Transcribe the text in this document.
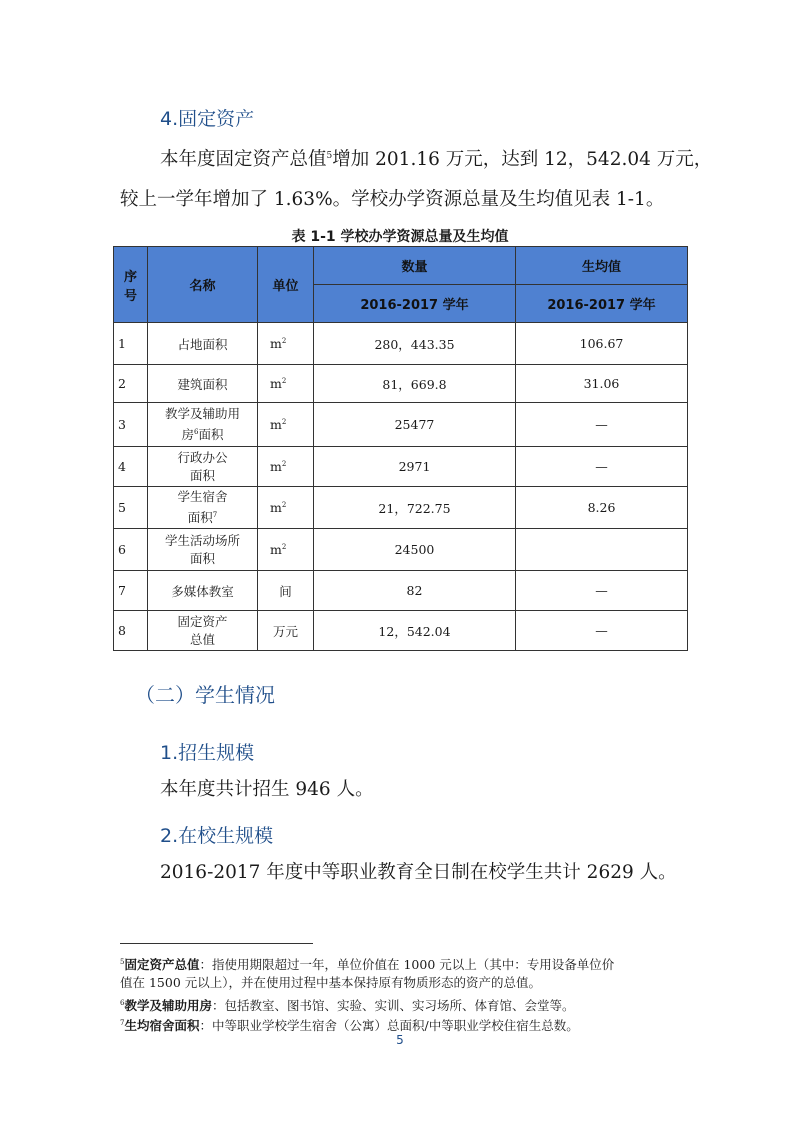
4.固定资产
本年度固定资产总值$^5$增加 201.16 万元，达到 12，542.04 万元，
较上一学年增加了 1.63%。学校办学资源总量及生均值见表 1-1。
表 1-1 学校办学资源总量及生均值
序号	名称	单位	数量	生均值
			2016-2017 学年	2016-2017 学年
1	占地面积	$m^2$	280，443.35	106.67
2	建筑面积	$m^2$	81，669.8	31.06
3	教学及辅助用
房$^6$面积	$m^2$	25477	—
4	行政办公
面积	$m^2$	2971	—
5	学生宿舍
面积$^7$	$m^2$	21，722.75	8.26
6	学生活动场所
面积	$m^2$	24500	
7	多媒体教室	间	82	—
8	固定资产
总值	万元	12，542.04	—
（二）学生情况
1.招生规模
本年度共计招生 946 人。
2.在校生规模
2016-2017 年度中等职业教育全日制在校学生共计 2629 人。
$^5$固定资产总值：指使用期限超过一年，单位价值在 1000 元以上（其中：专用设备单位价
值在 1500 元以上），并在使用过程中基本保持原有物质形态的资产的总值。
$^6$教学及辅助用房：包括教室、图书馆、实验、实训、实习场所、体育馆、会堂等。
$^7$生均宿舍面积：中等职业学校学生宿舍（公寓）总面积/中等职业学校住宿生总数。
5
